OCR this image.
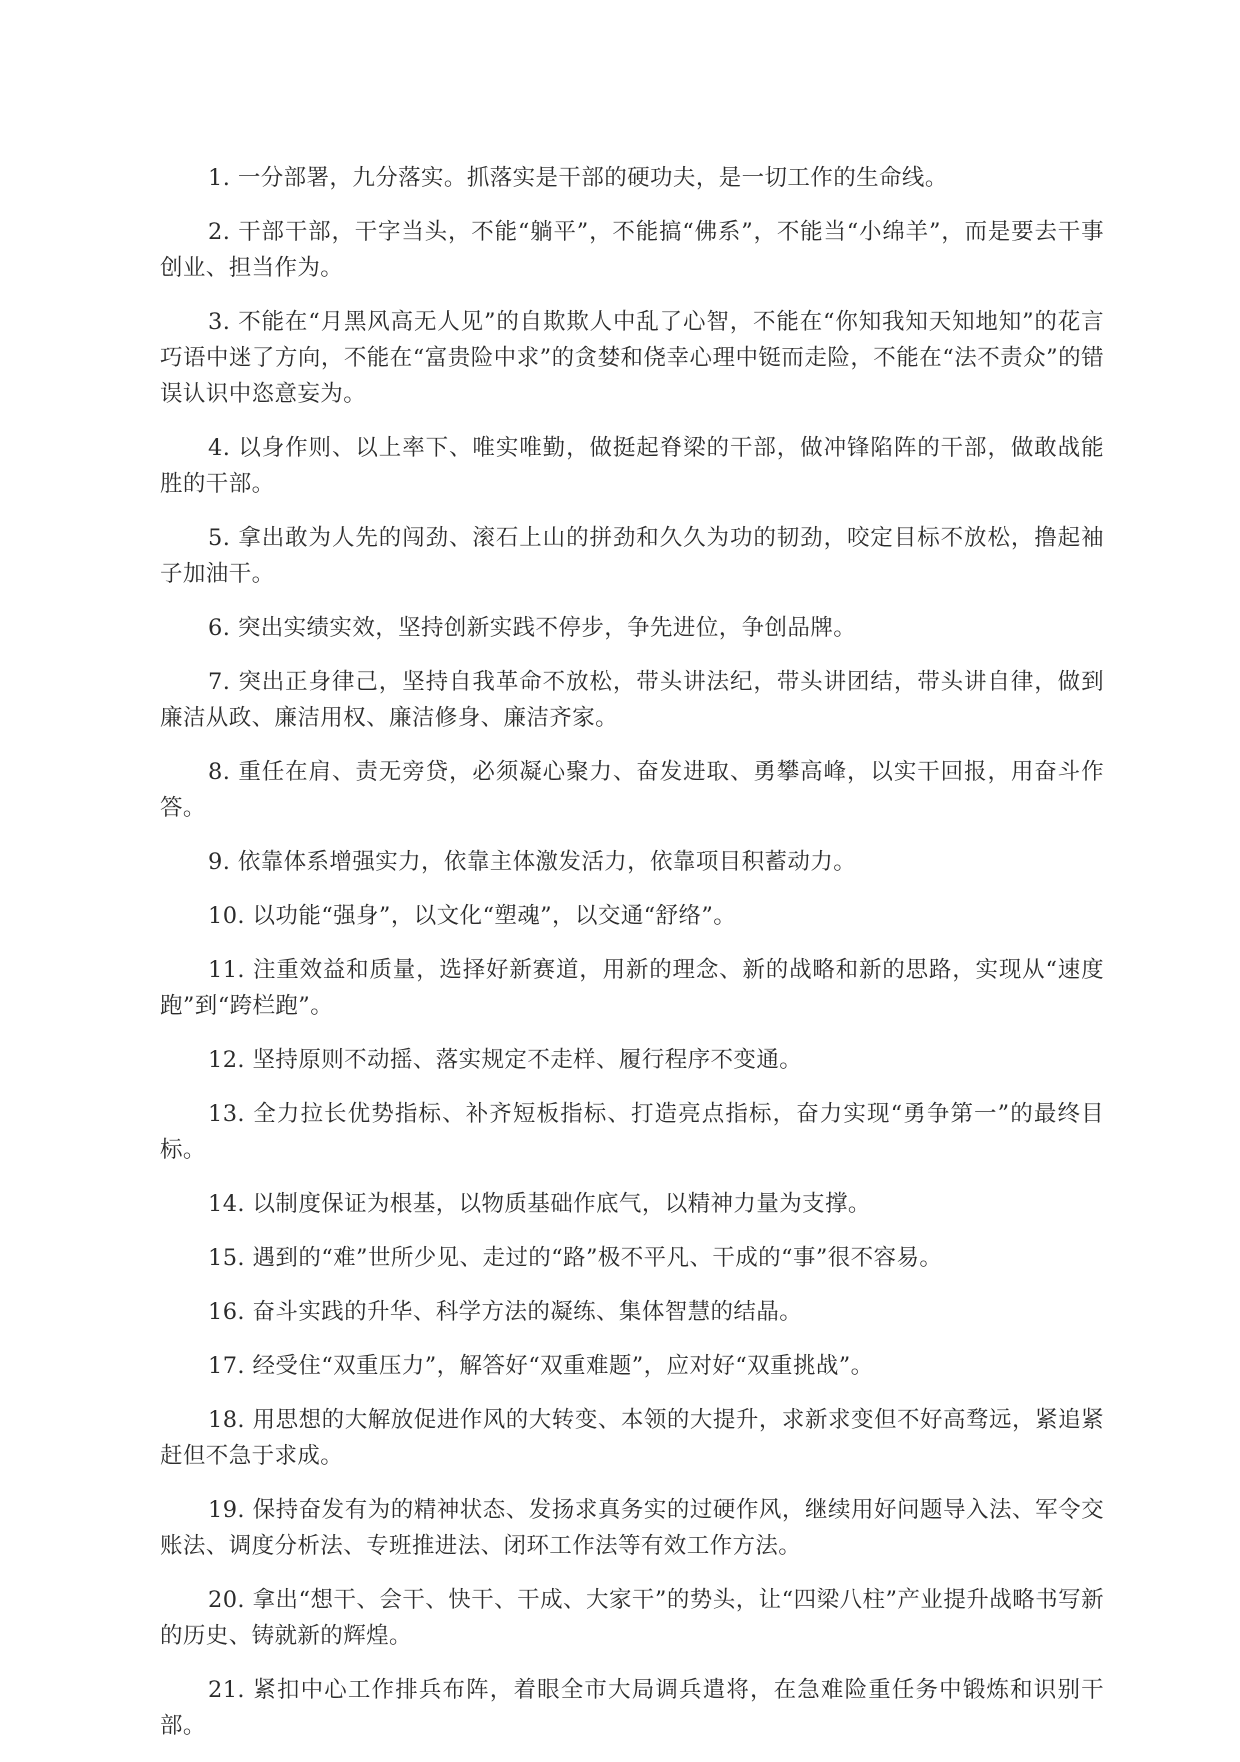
1. 一分部署，九分落实。抓落实是干部的硬功夫，是一切工作的生命线。

2. 干部干部，干字当头，不能“躺平”，不能搞“佛系”，不能当“小绵羊”，而是要去干事创业、担当作为。

3. 不能在“月黑风高无人见”的自欺欺人中乱了心智，不能在“你知我知天知地知”的花言巧语中迷了方向，不能在“富贵险中求”的贪婪和侥幸心理中铤而走险，不能在“法不责众”的错误认识中恣意妄为。

4. 以身作则、以上率下、唯实唯勤，做挺起脊梁的干部，做冲锋陷阵的干部，做敢战能胜的干部。

5. 拿出敢为人先的闯劲、滚石上山的拼劲和久久为功的韧劲，咬定目标不放松，撸起袖子加油干。

6. 突出实绩实效，坚持创新实践不停步，争先进位，争创品牌。

7. 突出正身律己，坚持自我革命不放松，带头讲法纪，带头讲团结，带头讲自律，做到廉洁从政、廉洁用权、廉洁修身、廉洁齐家。

8. 重任在肩、责无旁贷，必须凝心聚力、奋发进取、勇攀高峰，以实干回报，用奋斗作答。

9. 依靠体系增强实力，依靠主体激发活力，依靠项目积蓄动力。

10. 以功能“强身”，以文化“塑魂”，以交通“舒络”。

11. 注重效益和质量，选择好新赛道，用新的理念、新的战略和新的思路，实现从“速度跑”到“跨栏跑”。

12. 坚持原则不动摇、落实规定不走样、履行程序不变通。

13. 全力拉长优势指标、补齐短板指标、打造亮点指标，奋力实现“勇争第一”的最终目标。

14. 以制度保证为根基，以物质基础作底气，以精神力量为支撑。

15. 遇到的“难”世所少见、走过的“路”极不平凡、干成的“事”很不容易。

16. 奋斗实践的升华、科学方法的凝练、集体智慧的结晶。

17. 经受住“双重压力”，解答好“双重难题”，应对好“双重挑战”。

18. 用思想的大解放促进作风的大转变、本领的大提升，求新求变但不好高骛远，紧追紧赶但不急于求成。

19. 保持奋发有为的精神状态、发扬求真务实的过硬作风，继续用好问题导入法、军令交账法、调度分析法、专班推进法、闭环工作法等有效工作方法。

20. 拿出“想干、会干、快干、干成、大家干”的势头，让“四梁八柱”产业提升战略书写新的历史、铸就新的辉煌。

21. 紧扣中心工作排兵布阵，着眼全市大局调兵遣将，在急难险重任务中锻炼和识别干部。
